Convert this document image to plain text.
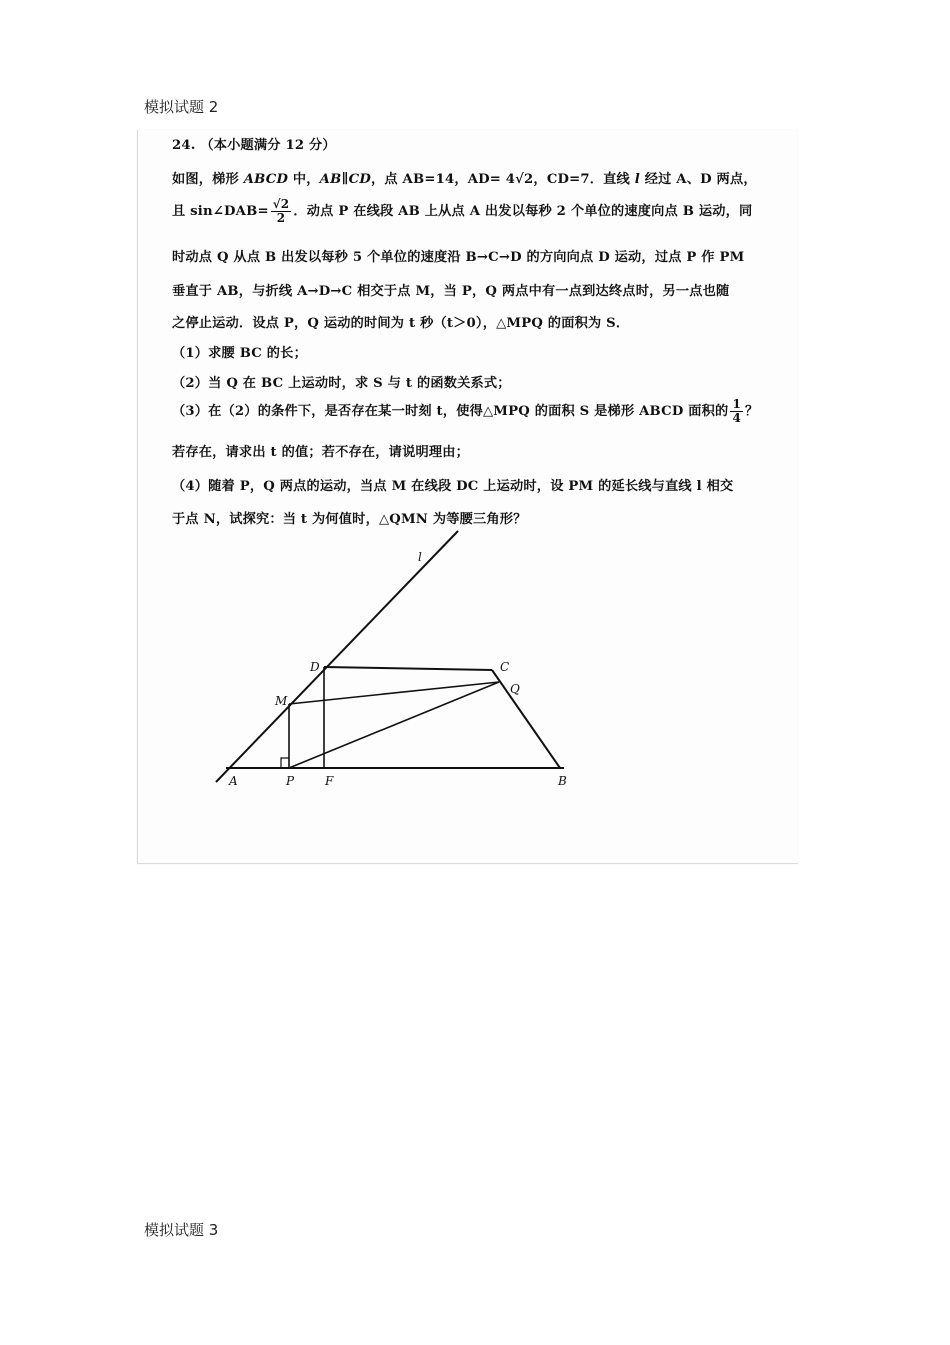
模拟试题 2
24. （本小题满分 12 分）
如图，梯形 ABCD 中，AB∥CD，点 AB=14，AD= 4√2，CD=7．直线 l 经过 A、D 两点，
且 sin∠DAB= $\frac{√2}{2}$ ．动点 P 在线段 AB 上从点 A 出发以每秒 2 个单位的速度向点 B 运动，同
时动点 Q 从点 B 出发以每秒 5 个单位的速度沿 B→C→D 的方向向点 D 运动，过点 P 作 PM
垂直于 AB，与折线 A→D→C 相交于点 M，当 P，Q 两点中有一点到达终点时，另一点也随
之停止运动．设点 P，Q 运动的时间为 t 秒（t＞0），△MPQ 的面积为 S．
（1）求腰 BC 的长；
（2）当 Q 在 BC 上运动时，求 S 与 t 的函数关系式；
（3）在（2）的条件下，是否存在某一时刻 t，使得△MPQ 的面积 S 是梯形 ABCD 面积的 $\frac{1}{4}$ ？
若存在，请求出 t 的值；若不存在，请说明理由；
（4）随着 P，Q 两点的运动，当点 M 在线段 DC 上运动时，设 PM 的延长线与直线 l 相交
于点 N，试探究：当 t 为何值时，△QMN 为等腰三角形？
l
D	C
M
Q
A	P	F	B
模拟试题 3
